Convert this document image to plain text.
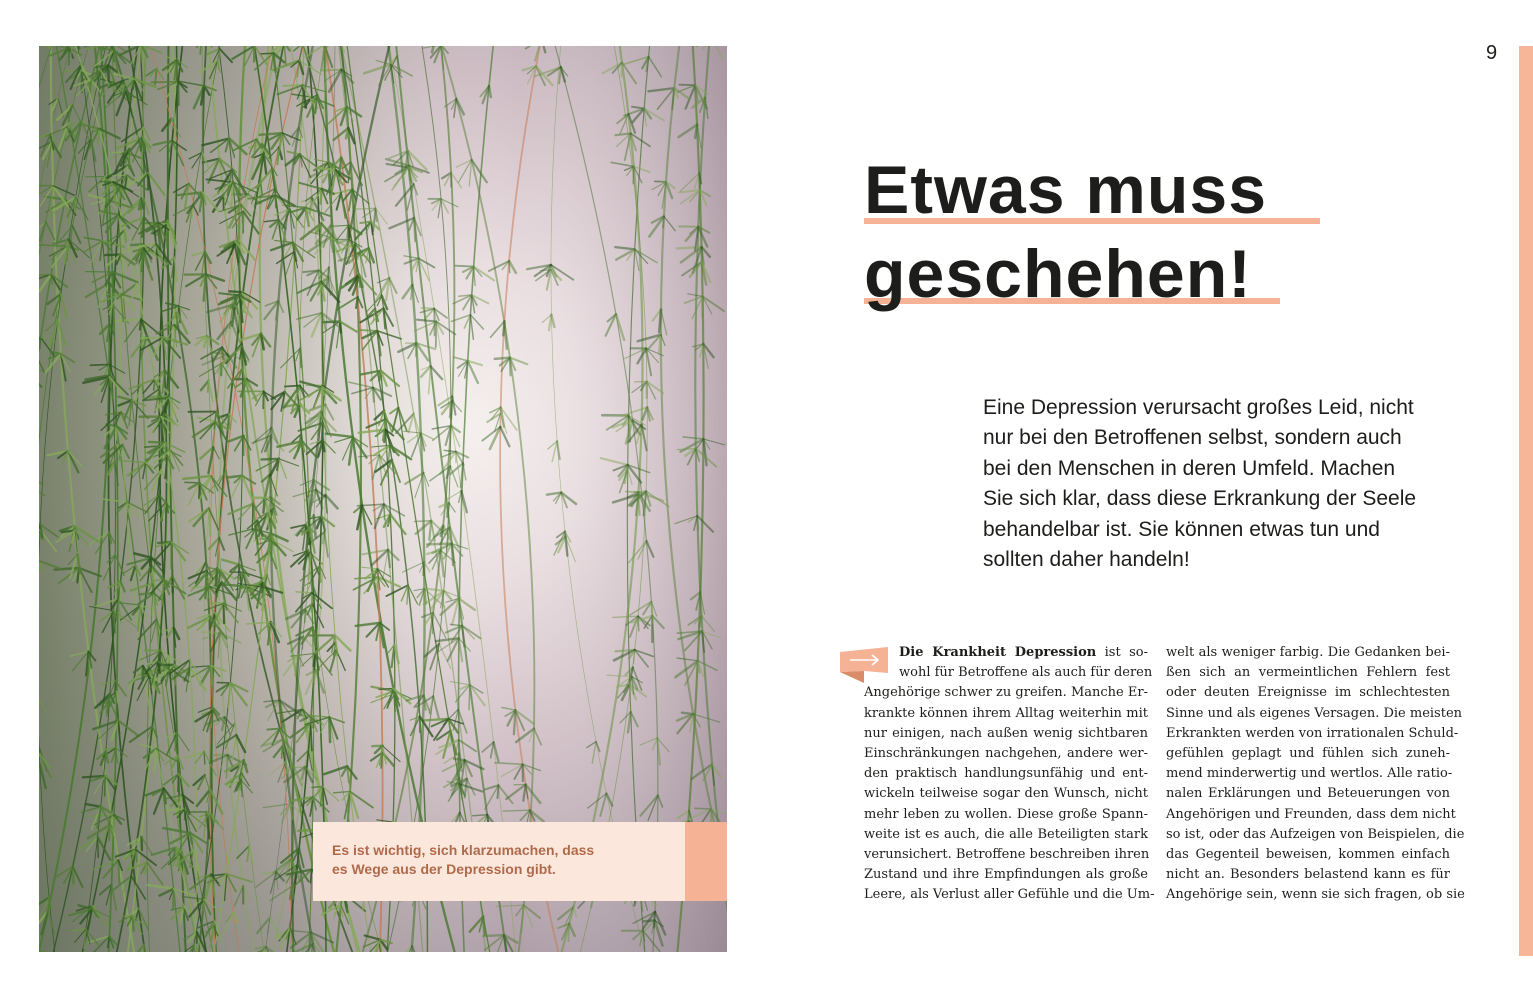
Es ist wichtig, sich klarzumachen, dass
es Wege aus der Depression gibt.
9
Etwas muss
geschehen!
Eine Depression verursacht großes Leid, nicht
nur bei den Betroffenen selbst, sondern auch
bei den Menschen in deren Umfeld. Machen
Sie sich klar, dass diese Erkrankung der Seele
behandelbar ist. Sie können etwas tun und
sollten daher handeln!
Die Krankheit Depression ist so-
wohl für Betroffene als auch für deren
Angehörige schwer zu greifen. Manche Er-
krankte können ihrem Alltag weiterhin mit
nur einigen, nach außen wenig sichtbaren
Einschränkungen nachgehen, andere wer-
den praktisch handlungsunfähig und ent-
wickeln teilweise sogar den Wunsch, nicht
mehr leben zu wollen. Diese große Spann-
weite ist es auch, die alle Beteiligten stark
verunsichert. Betroffene beschreiben ihren
Zustand und ihre Empfindungen als große
Leere, als Verlust aller Gefühle und die Um-
welt als weniger farbig. Die Gedanken bei-
ßen sich an vermeintlichen Fehlern fest
oder deuten Ereignisse im schlechtesten
Sinne und als eigenes Versagen. Die meisten
Erkrankten werden von irrationalen Schuld-
gefühlen geplagt und fühlen sich zuneh-
mend minderwertig und wertlos. Alle ratio-
nalen Erklärungen und Beteuerungen von
Angehörigen und Freunden, dass dem nicht
so ist, oder das Aufzeigen von Beispielen, die
das Gegenteil beweisen, kommen einfach
nicht an. Besonders belastend kann es für
Angehörige sein, wenn sie sich fragen, ob sie
